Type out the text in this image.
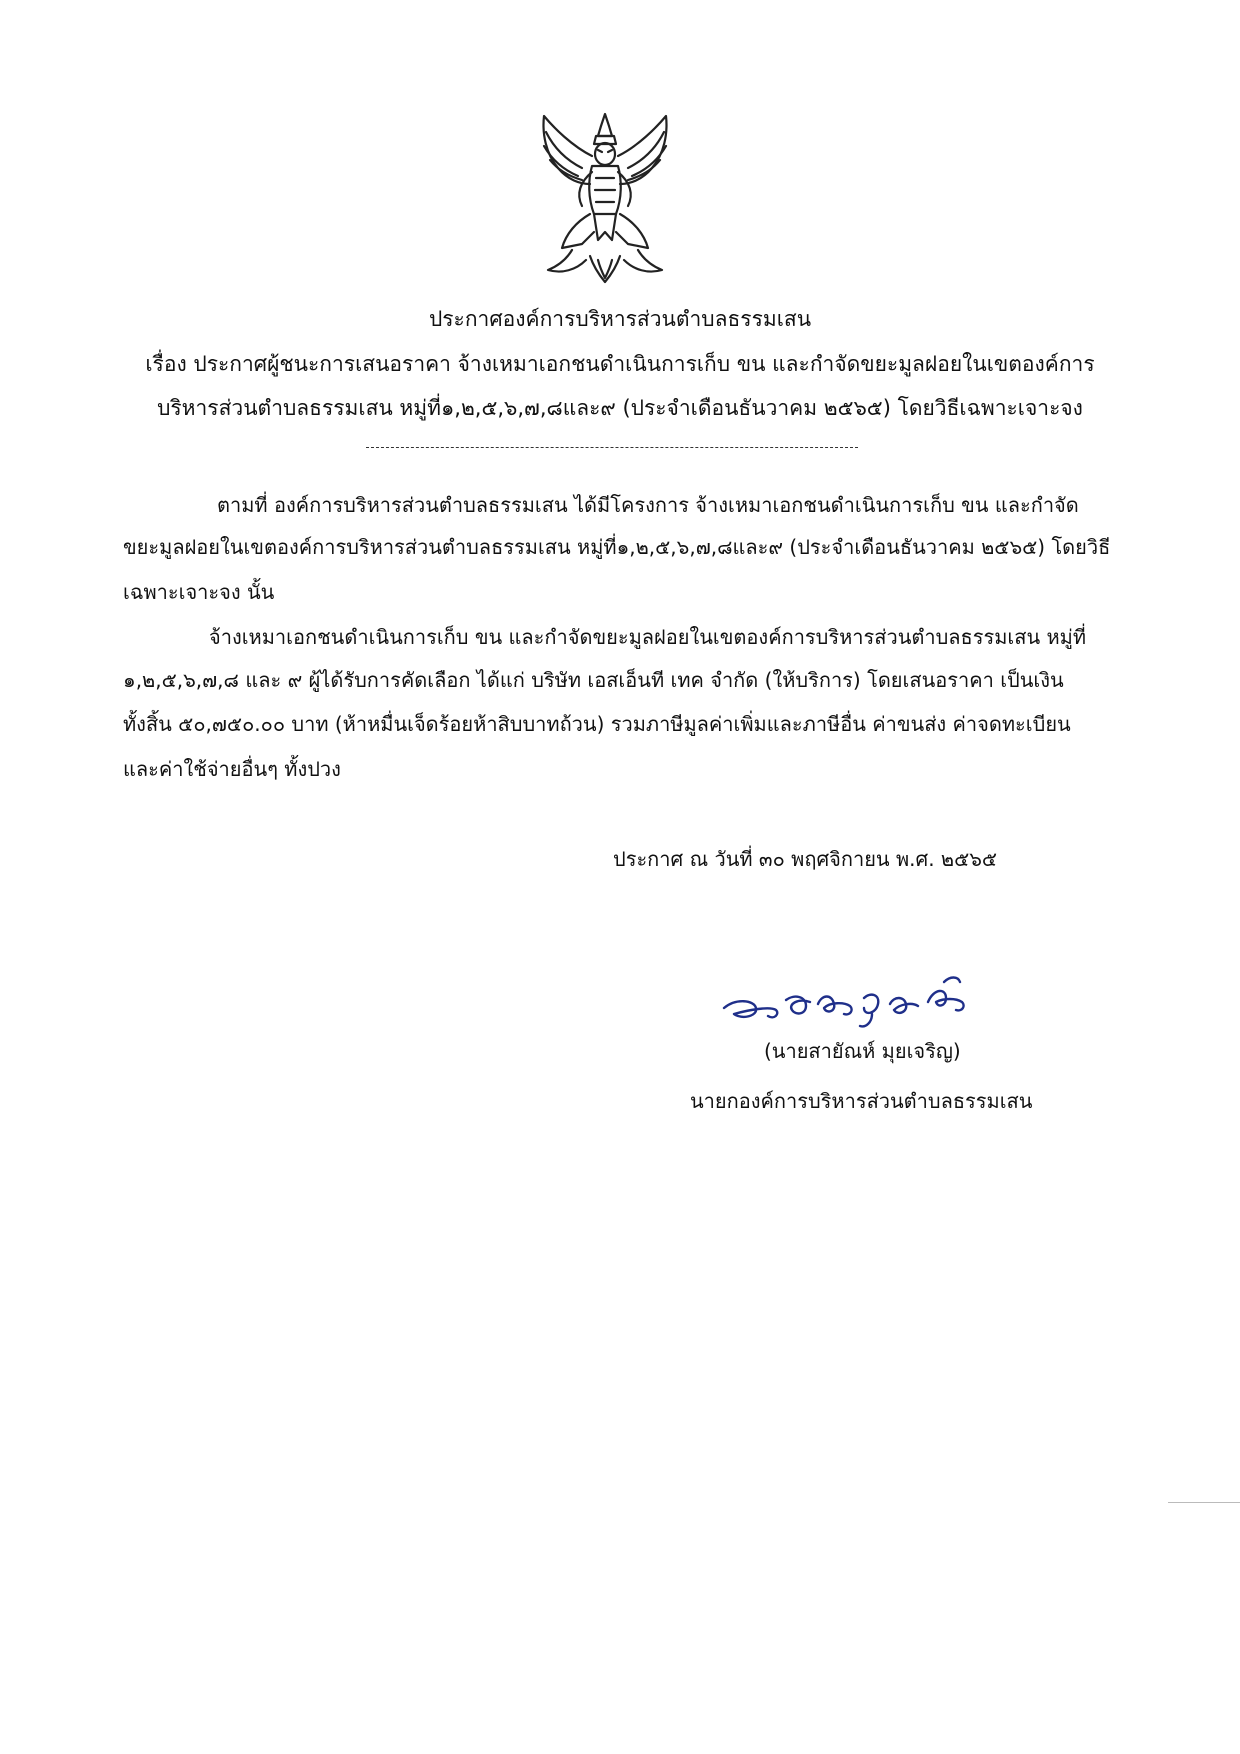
ประกาศองค์การบริหารส่วนตำบลธรรมเสน
เรื่อง ประกาศผู้ชนะการเสนอราคา จ้างเหมาเอกชนดำเนินการเก็บ ขน และกำจัดขยะมูลฝอยในเขตองค์การ
บริหารส่วนตำบลธรรมเสน หมู่ที่๑,๒,๕,๖,๗,๘และ๙ (ประจำเดือนธันวาคม ๒๕๖๕) โดยวิธีเฉพาะเจาะจง
ตามที่ องค์การบริหารส่วนตำบลธรรมเสน ได้มีโครงการ จ้างเหมาเอกชนดำเนินการเก็บ ขน และกำจัด
ขยะมูลฝอยในเขตองค์การบริหารส่วนตำบลธรรมเสน หมู่ที่๑,๒,๕,๖,๗,๘และ๙ (ประจำเดือนธันวาคม ๒๕๖๕) โดยวิธี
เฉพาะเจาะจง นั้น
จ้างเหมาเอกชนดำเนินการเก็บ ขน และกำจัดขยะมูลฝอยในเขตองค์การบริหารส่วนตำบลธรรมเสน หมู่ที่
๑,๒,๕,๖,๗,๘ และ ๙ ผู้ได้รับการคัดเลือก ได้แก่ บริษัท เอสเอ็นที เทค จำกัด (ให้บริการ) โดยเสนอราคา เป็นเงิน
ทั้งสิ้น ๕๐,๗๕๐.๐๐ บาท (ห้าหมื่นเจ็ดร้อยห้าสิบบาทถ้วน) รวมภาษีมูลค่าเพิ่มและภาษีอื่น ค่าขนส่ง ค่าจดทะเบียน
และค่าใช้จ่ายอื่นๆ ทั้งปวง
ประกาศ ณ วันที่ ๓๐ พฤศจิกายน พ.ศ. ๒๕๖๕
(นายสายัณห์ มุยเจริญ)
นายกองค์การบริหารส่วนตำบลธรรมเสน
